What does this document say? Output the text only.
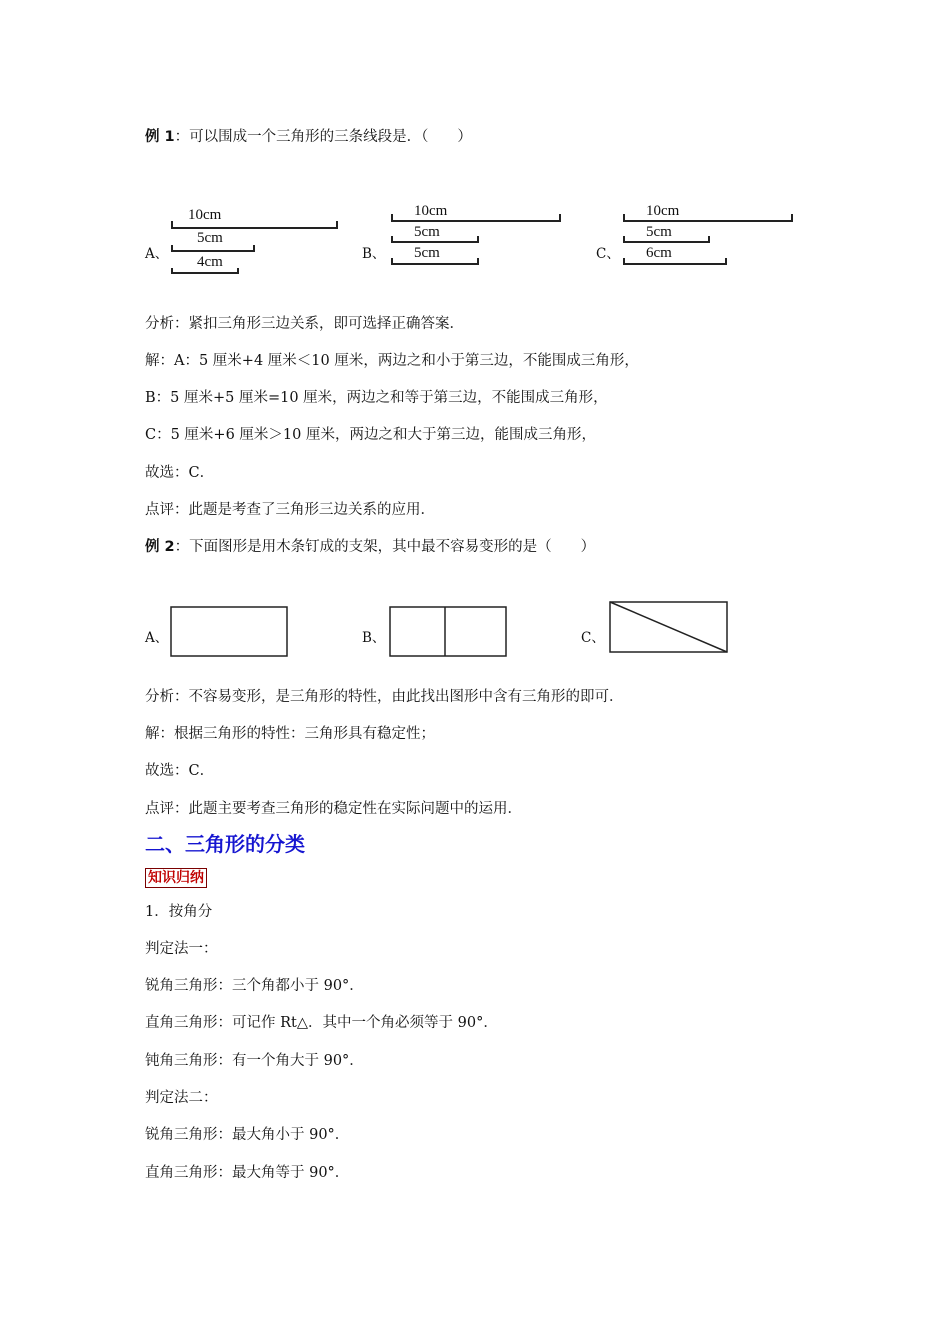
例 1：可以围成一个三角形的三条线段是．（　　）
A、	B、	C、
10cm
5cm
4cm
10cm
5cm
5cm
10cm
5cm
6cm
分析：紧扣三角形三边关系，即可选择正确答案．
解：A：5 厘米+4 厘米＜10 厘米，两边之和小于第三边，不能围成三角形，
B：5 厘米+5 厘米=10 厘米，两边之和等于第三边，不能围成三角形，
C：5 厘米+6 厘米＞10 厘米，两边之和大于第三边，能围成三角形，
故选：C．
点评：此题是考查了三角形三边关系的应用．
例 2：下面图形是用木条钉成的支架，其中最不容易变形的是（　　）
A、	B、	C、
分析：不容易变形，是三角形的特性，由此找出图形中含有三角形的即可．
解：根据三角形的特性：三角形具有稳定性；
故选：C．
点评：此题主要考查三角形的稳定性在实际问题中的运用．
二、三角形的分类
知识归纳
1．按角分
判定法一：
锐角三角形：三个角都小于 90°．
直角三角形：可记作 Rt△．其中一个角必须等于 90°．
钝角三角形：有一个角大于 90°．
判定法二：
锐角三角形：最大角小于 90°．
直角三角形：最大角等于 90°．
